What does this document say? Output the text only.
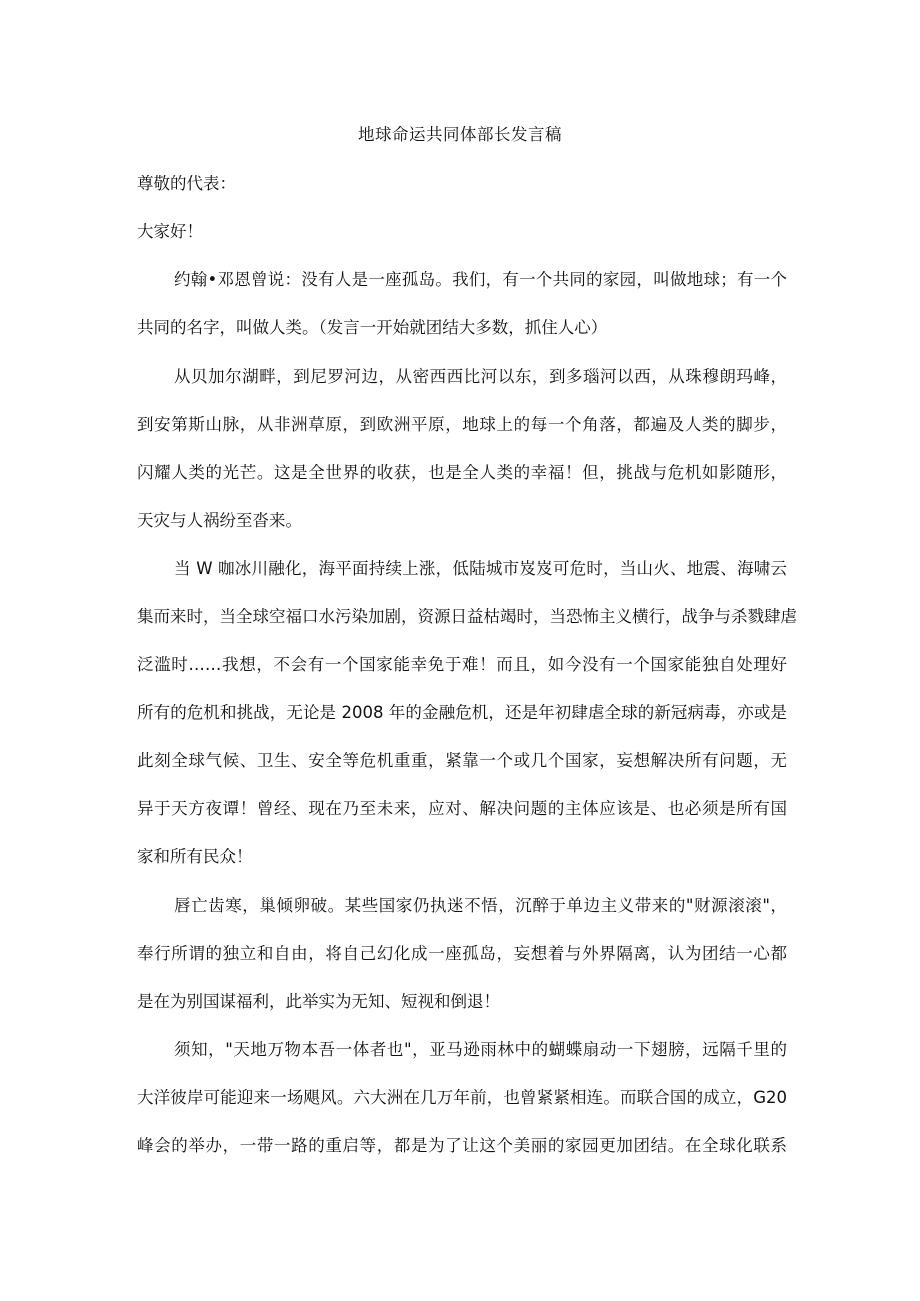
地球命运共同体部长发言稿
尊敬的代表：
大家好！
约翰•邓恩曾说：没有人是一座孤岛。我们，有一个共同的家园，叫做地球；有一个
共同的名字，叫做人类。（发言一开始就团结大多数，抓住人心）
从贝加尔湖畔，到尼罗河边，从密西西比河以东，到多瑙河以西，从珠穆朗玛峰，
到安第斯山脉，从非洲草原，到欧洲平原，地球上的每一个角落，都遍及人类的脚步，
闪耀人类的光芒。这是全世界的收获，也是全人类的幸福！但，挑战与危机如影随形，
天灾与人祸纷至沓来。
当 W 咖冰川融化，海平面持续上涨，低陆城市岌岌可危时，当山火、地震、海啸云
集而来时，当全球空福口水污染加剧，资源日益枯竭时，当恐怖主义横行，战争与杀戮肆虐
泛滥时……我想，不会有一个国家能幸免于难！而且，如今没有一个国家能独自处理好
所有的危机和挑战，无论是 2008 年的金融危机，还是年初肆虐全球的新冠病毒，亦或是
此刻全球气候、卫生、安全等危机重重，紧靠一个或几个国家，妄想解决所有问题，无
异于天方夜谭！曾经、现在乃至未来，应对、解决问题的主体应该是、也必须是所有国
家和所有民众！
唇亡齿寒，巢倾卵破。某些国家仍执迷不悟，沉醉于单边主义带来的"财源滚滚"，
奉行所谓的独立和自由，将自己幻化成一座孤岛，妄想着与外界隔离，认为团结一心都
是在为别国谋福利，此举实为无知、短视和倒退！
须知，"天地万物本吾一体者也"，亚马逊雨林中的蝴蝶扇动一下翅膀，远隔千里的
大洋彼岸可能迎来一场飓风。六大洲在几万年前，也曾紧紧相连。而联合国的成立，G20
峰会的举办，一带一路的重启等，都是为了让这个美丽的家园更加团结。在全球化联系
